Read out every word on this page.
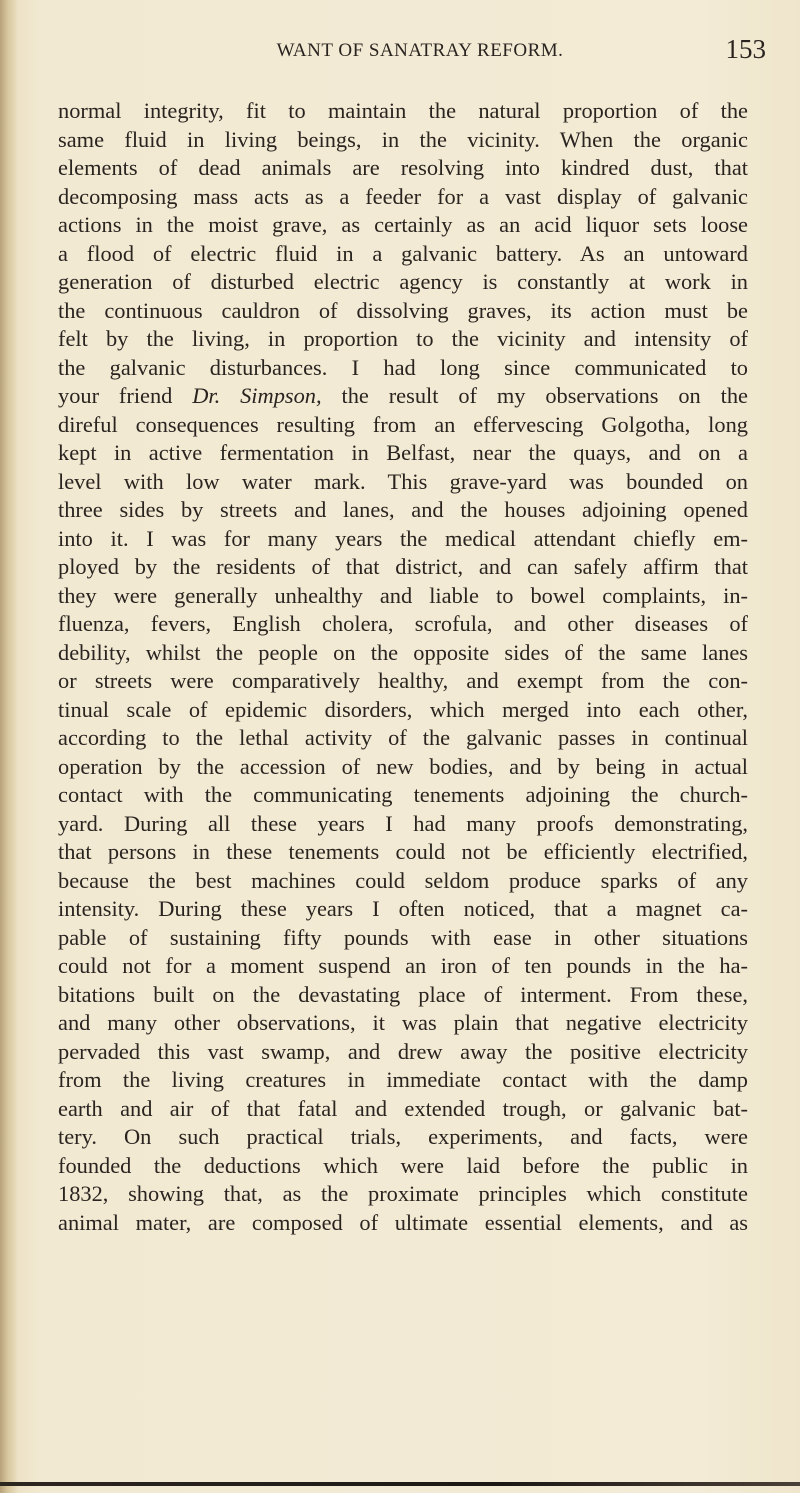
WANT OF SANATRAY REFORM.	153
normal integrity, fit to maintain the natural proportion of the
same fluid in living beings, in the vicinity. When the organic
elements of dead animals are resolving into kindred dust, that
decomposing mass acts as a feeder for a vast display of galvanic
actions in the moist grave, as certainly as an acid liquor sets loose
a flood of electric fluid in a galvanic battery. As an untoward
generation of disturbed electric agency is constantly at work in
the continuous cauldron of dissolving graves, its action must be
felt by the living, in proportion to the vicinity and intensity of
the galvanic disturbances. I had long since communicated to
your friend Dr. Simpson, the result of my observations on the
direful consequences resulting from an effervescing Golgotha, long
kept in active fermentation in Belfast, near the quays, and on a
level with low water mark. This grave-yard was bounded on
three sides by streets and lanes, and the houses adjoining opened
into it. I was for many years the medical attendant chiefly em-
ployed by the residents of that district, and can safely affirm that
they were generally unhealthy and liable to bowel complaints, in-
fluenza, fevers, English cholera, scrofula, and other diseases of
debility, whilst the people on the opposite sides of the same lanes
or streets were comparatively healthy, and exempt from the con-
tinual scale of epidemic disorders, which merged into each other,
according to the lethal activity of the galvanic passes in continual
operation by the accession of new bodies, and by being in actual
contact with the communicating tenements adjoining the church-
yard. During all these years I had many proofs demonstrating,
that persons in these tenements could not be efficiently electrified,
because the best machines could seldom produce sparks of any
intensity. During these years I often noticed, that a magnet ca-
pable of sustaining fifty pounds with ease in other situations
could not for a moment suspend an iron of ten pounds in the ha-
bitations built on the devastating place of interment. From these,
and many other observations, it was plain that negative electricity
pervaded this vast swamp, and drew away the positive electricity
from the living creatures in immediate contact with the damp
earth and air of that fatal and extended trough, or galvanic bat-
tery. On such practical trials, experiments, and facts, were
founded the deductions which were laid before the public in
1832, showing that, as the proximate principles which constitute
animal mater, are composed of ultimate essential elements, and as
